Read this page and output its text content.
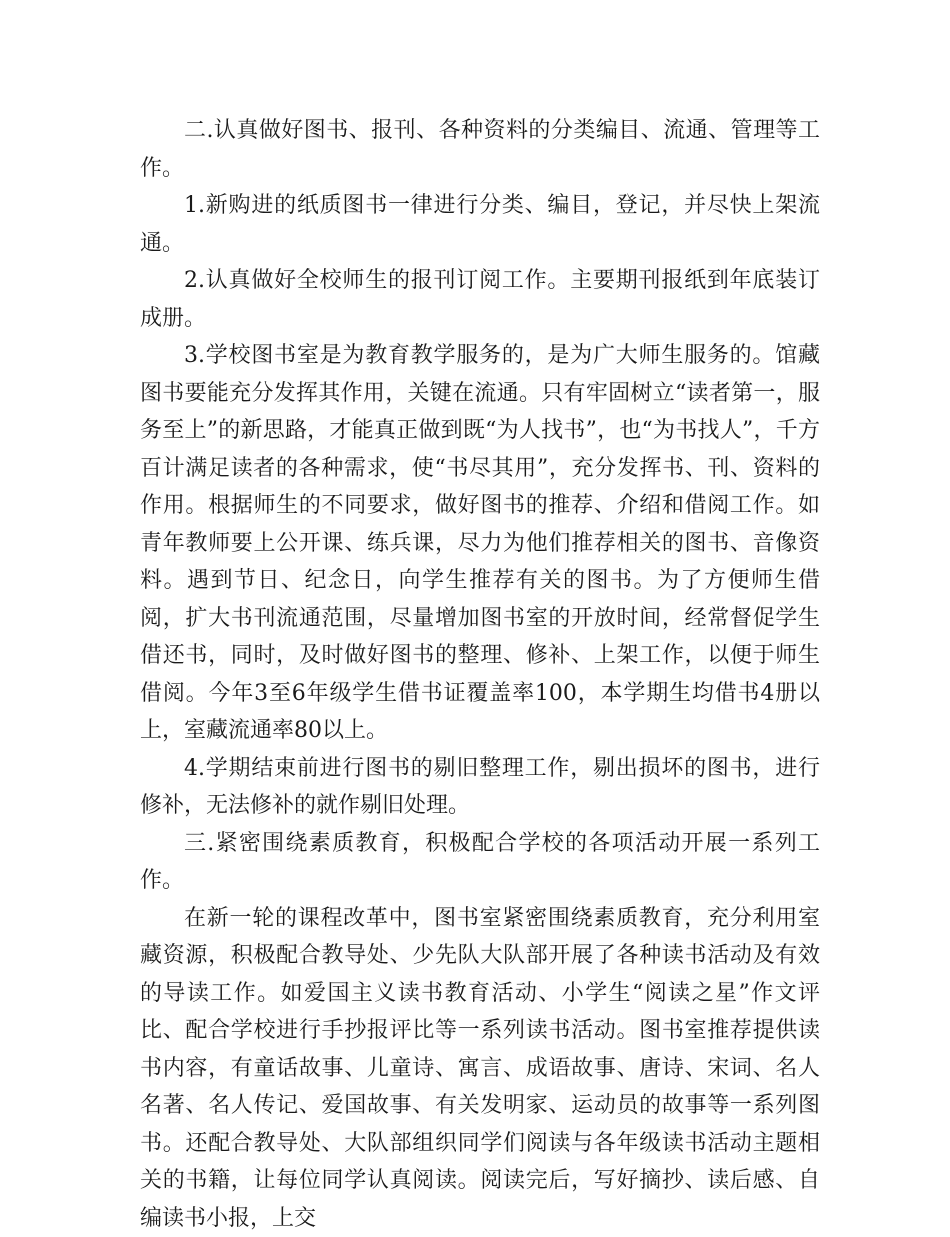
二.认真做好图书、报刊、各种资料的分类编目、流通、管理等工作。

1.新购进的纸质图书一律进行分类、编目，登记，并尽快上架流通。

2.认真做好全校师生的报刊订阅工作。主要期刊报纸到年底装订成册。

3.学校图书室是为教育教学服务的，是为广大师生服务的。馆藏图书要能充分发挥其作用，关键在流通。只有牢固树立“读者第一，服务至上”的新思路，才能真正做到既“为人找书”，也“为书找人”，千方百计满足读者的各种需求，使“书尽其用”，充分发挥书、刊、资料的作用。根据师生的不同要求，做好图书的推荐、介绍和借阅工作。如青年教师要上公开课、练兵课，尽力为他们推荐相关的图书、音像资料。遇到节日、纪念日，向学生推荐有关的图书。为了方便师生借阅，扩大书刊流通范围，尽量增加图书室的开放时间，经常督促学生借还书，同时，及时做好图书的整理、修补、上架工作，以便于师生借阅。今年3至6年级学生借书证覆盖率100，本学期生均借书4册以上，室藏流通率80以上。

4.学期结束前进行图书的剔旧整理工作，剔出损坏的图书，进行修补，无法修补的就作剔旧处理。

三.紧密围绕素质教育，积极配合学校的各项活动开展一系列工作。

在新一轮的课程改革中，图书室紧密围绕素质教育，充分利用室藏资源，积极配合教导处、少先队大队部开展了各种读书活动及有效的导读工作。如爱国主义读书教育活动、小学生“阅读之星”作文评比、配合学校进行手抄报评比等一系列读书活动。图书室推荐提供读书内容，有童话故事、儿童诗、寓言、成语故事、唐诗、宋词、名人名著、名人传记、爱国故事、有关发明家、运动员的故事等一系列图书。还配合教导处、大队部组织同学们阅读与各年级读书活动主题相关的书籍，让每位同学认真阅读。阅读完后，写好摘抄、读后感、自编读书小报，上交
